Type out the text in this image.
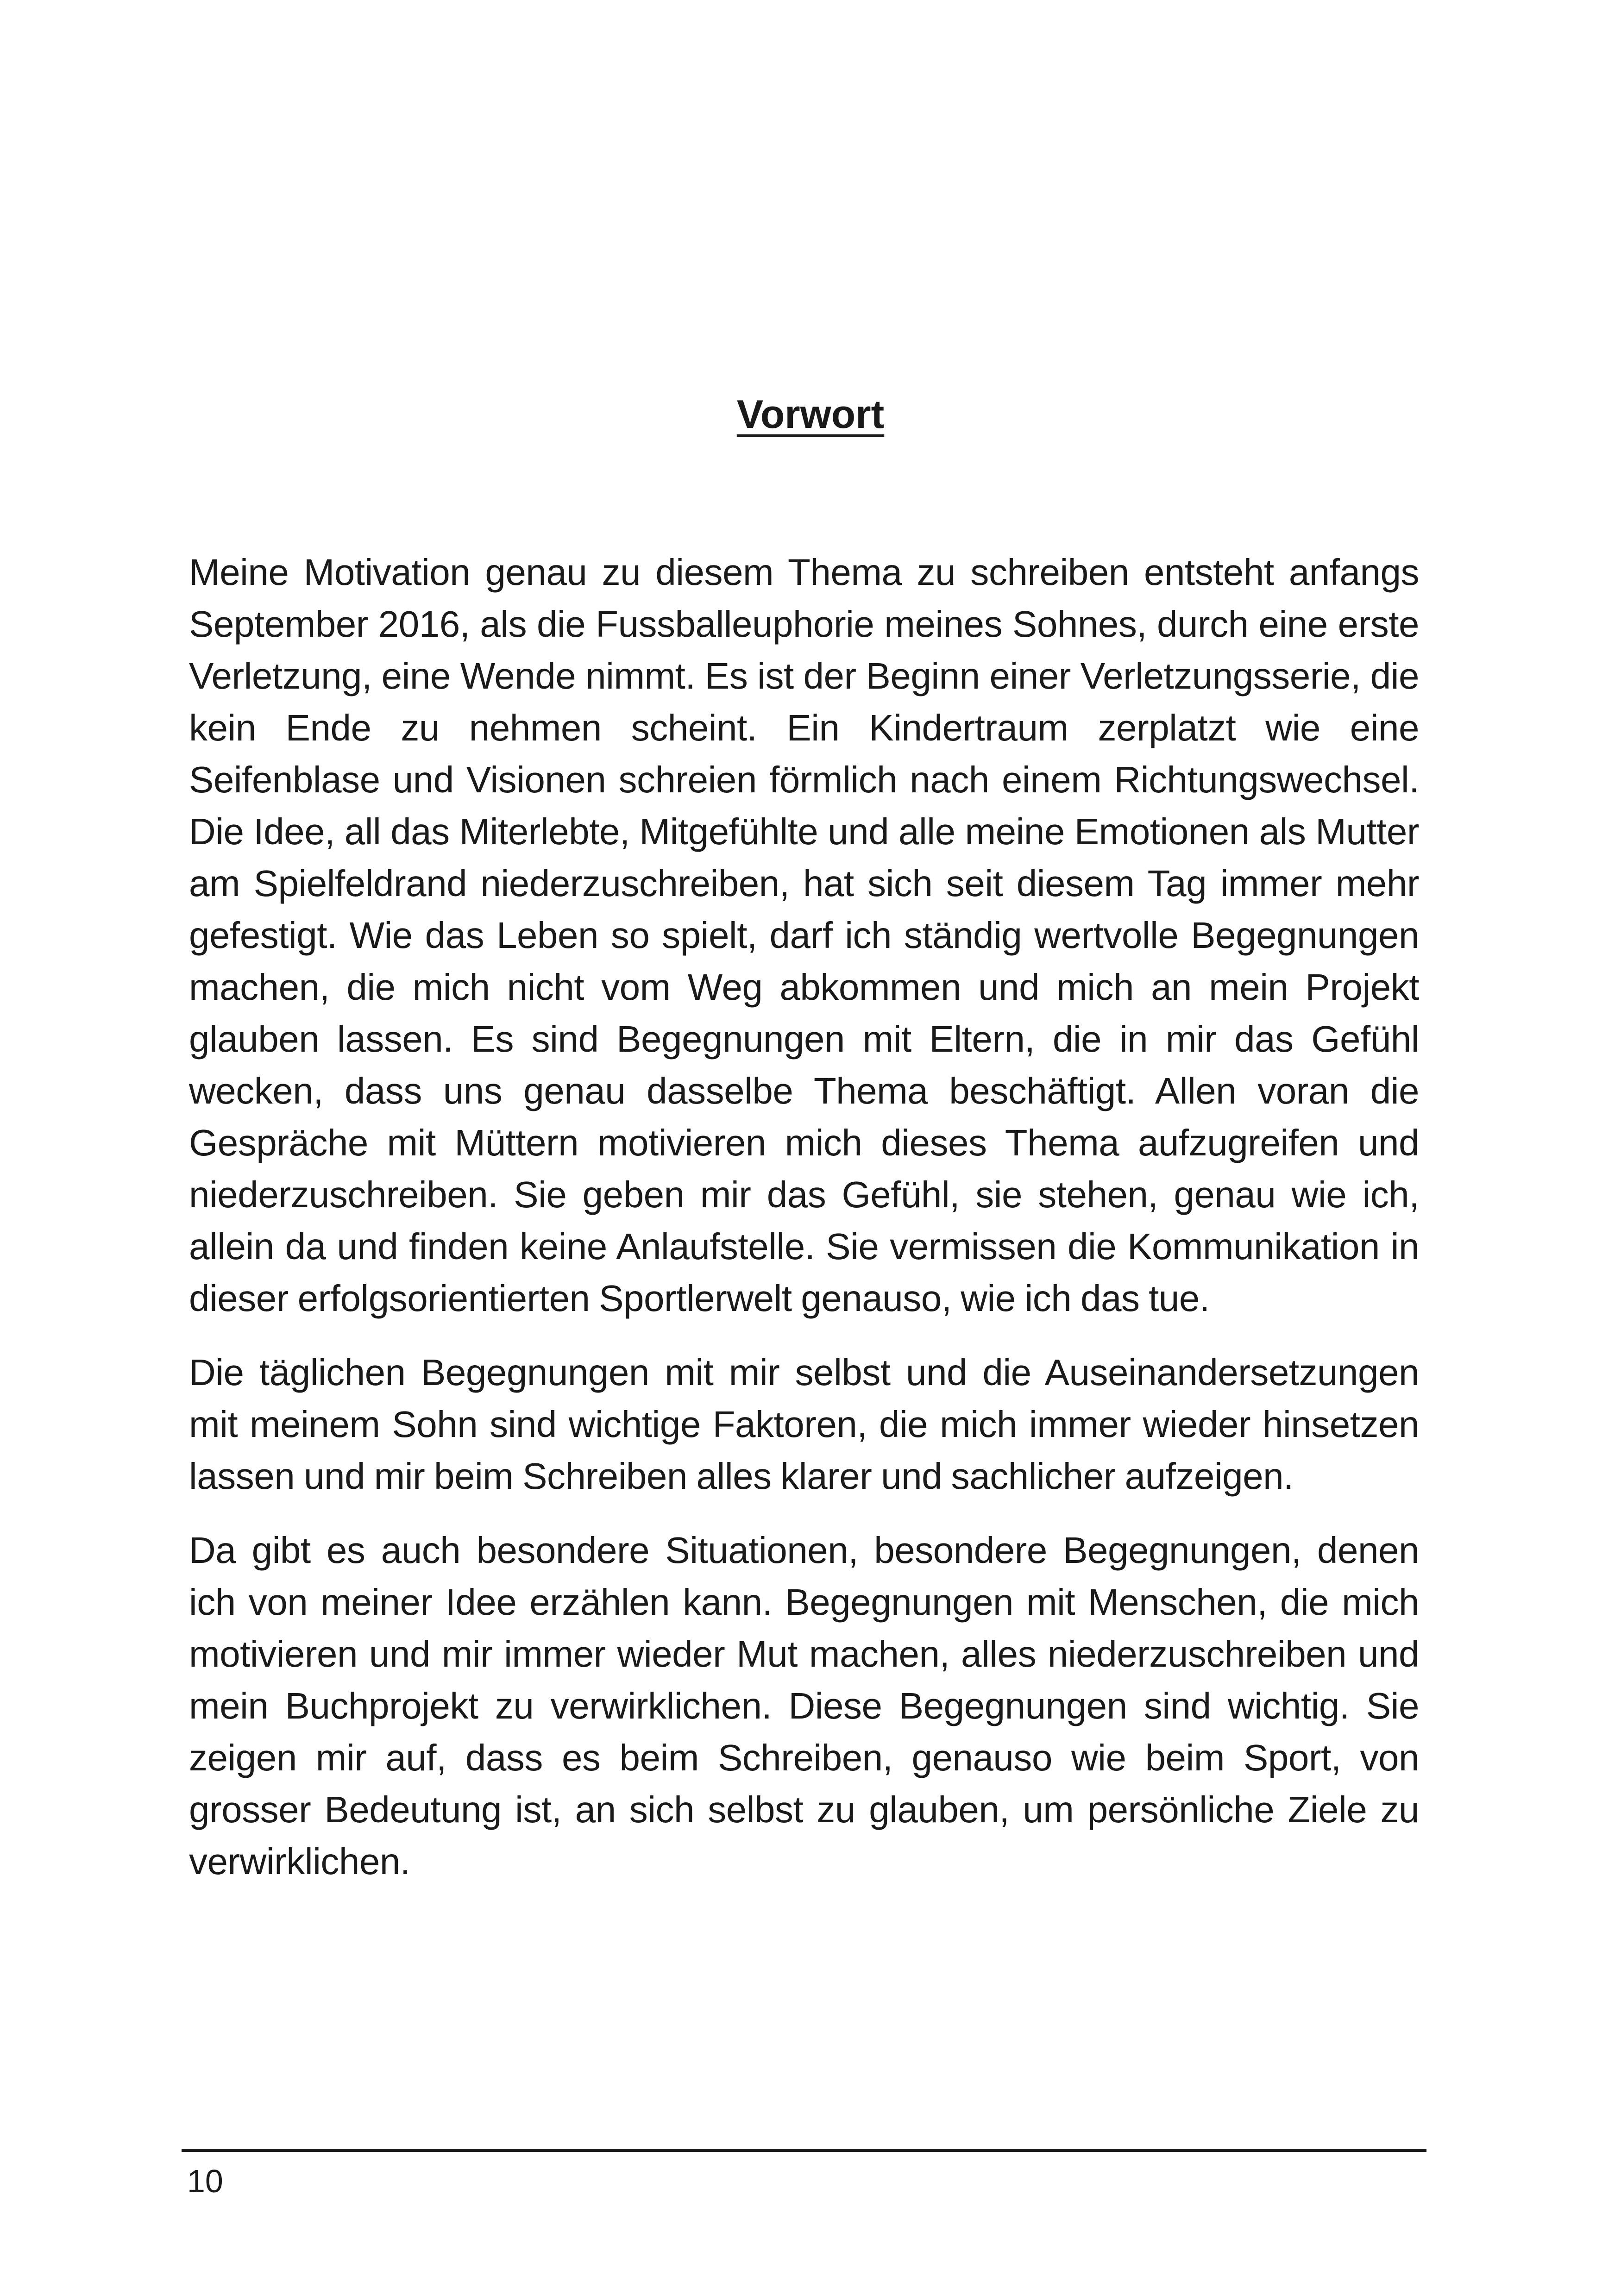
Vorwort

Meine Motivation genau zu diesem Thema zu schreiben entsteht anfangs September 2016, als die Fussballeuphorie meines Sohnes, durch eine erste Verletzung, eine Wende nimmt. Es ist der Beginn einer Verletzungsserie, die kein Ende zu nehmen scheint. Ein Kindertraum zerplatzt wie eine Seifenblase und Visionen schreien förmlich nach einem Richtungswechsel. Die Idee, all das Miterlebte, Mitgefühlte und alle meine Emotionen als Mutter am Spielfeldrand niederzuschreiben, hat sich seit diesem Tag immer mehr gefestigt. Wie das Leben so spielt, darf ich ständig wertvolle Begegnungen machen, die mich nicht vom Weg abkommen und mich an mein Projekt glauben lassen. Es sind Begegnungen mit Eltern, die in mir das Gefühl wecken, dass uns genau dasselbe Thema beschäftigt. Allen voran die Gespräche mit Müttern motivieren mich dieses Thema aufzugreifen und niederzuschreiben. Sie geben mir das Gefühl, sie stehen, genau wie ich, allein da und finden keine Anlaufstelle. Sie vermissen die Kommunikation in dieser erfolgsorientierten Sportlerwelt genauso, wie ich das tue.

Die täglichen Begegnungen mit mir selbst und die Auseinandersetzungen mit meinem Sohn sind wichtige Faktoren, die mich immer wieder hinsetzen lassen und mir beim Schreiben alles klarer und sachlicher aufzeigen.

Da gibt es auch besondere Situationen, besondere Begegnungen, denen ich von meiner Idee erzählen kann. Begegnungen mit Menschen, die mich motivieren und mir immer wieder Mut machen, alles niederzuschreiben und mein Buchprojekt zu verwirklichen. Diese Begegnungen sind wichtig. Sie zeigen mir auf, dass es beim Schreiben, genauso wie beim Sport, von grosser Bedeutung ist, an sich selbst zu glauben, um persönliche Ziele zu verwirklichen.

10
